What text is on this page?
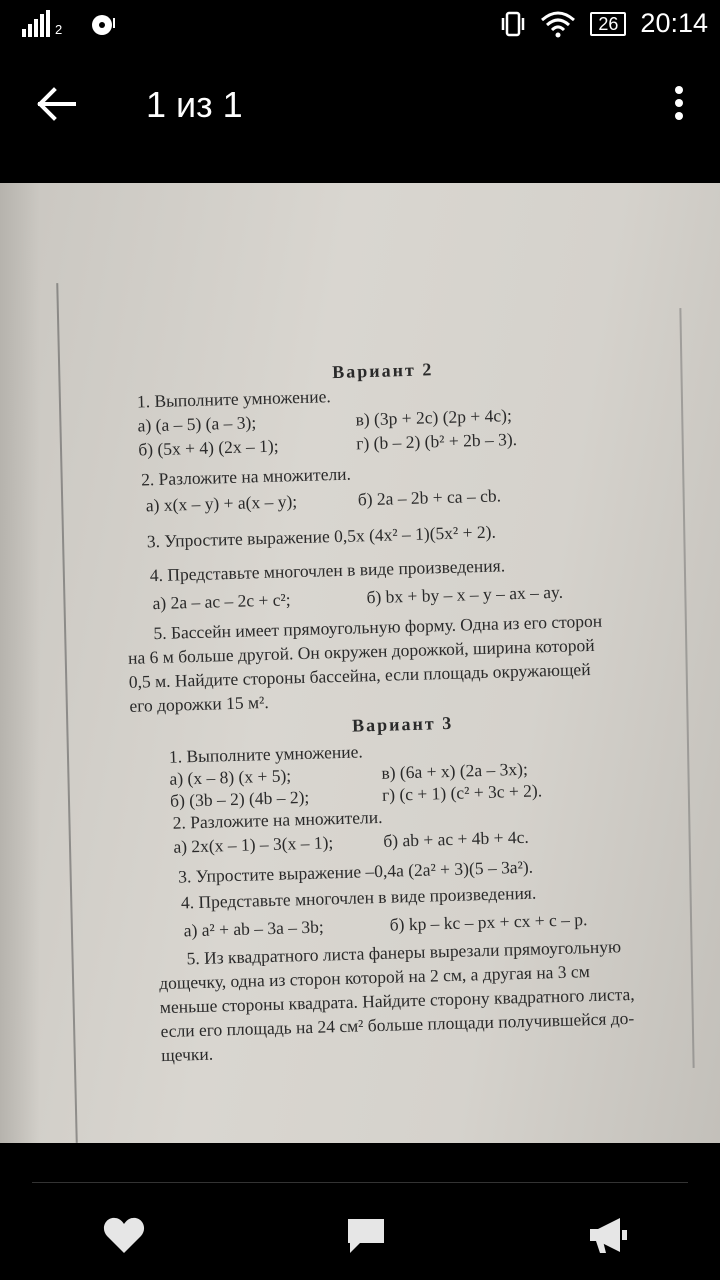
2	26 20:14
1 из 1
Вариант 2
1. Выполните умножение.
а) (a – 5) (a – 3);	в) (3p + 2c) (2p + 4c);
б) (5x + 4) (2x – 1);	г) (b – 2) (b² + 2b – 3).
2. Разложите на множители.
а) x(x – y) + a(x – y);	б) 2a – 2b + ca – cb.
3. Упростите выражение 0,5x (4x² – 1)(5x² + 2).
4. Представьте многочлен в виде произведения.
а) 2a – ac – 2c + c²;	б) bx + by – x – y – ax – ay.
5. Бассейн имеет прямоугольную форму. Одна из его сторон
на 6 м больше другой. Он окружен дорожкой, ширина которой
0,5 м. Найдите стороны бассейна, если площадь окружающей
его дорожки 15 м².
Вариант 3
1. Выполните умножение.
а) (x – 8) (x + 5);	в) (6a + x) (2a – 3x);
б) (3b – 2) (4b – 2);	г) (c + 1) (c² + 3c + 2).
2. Разложите на множители.
а) 2x(x – 1) – 3(x – 1);	б) ab + ac + 4b + 4c.
3. Упростите выражение –0,4a (2a² + 3)(5 – 3a²).
4. Представьте многочлен в виде произведения.
а) a² + ab – 3a – 3b;	б) kp – kc – px + cx + c – p.
5. Из квадратного листа фанеры вырезали прямоугольную
дощечку, одна из сторон которой на 2 см, а другая на 3 см
меньше стороны квадрата. Найдите сторону квадратного листа,
если его площадь на 24 см² больше площади получившейся до-
щечки.
